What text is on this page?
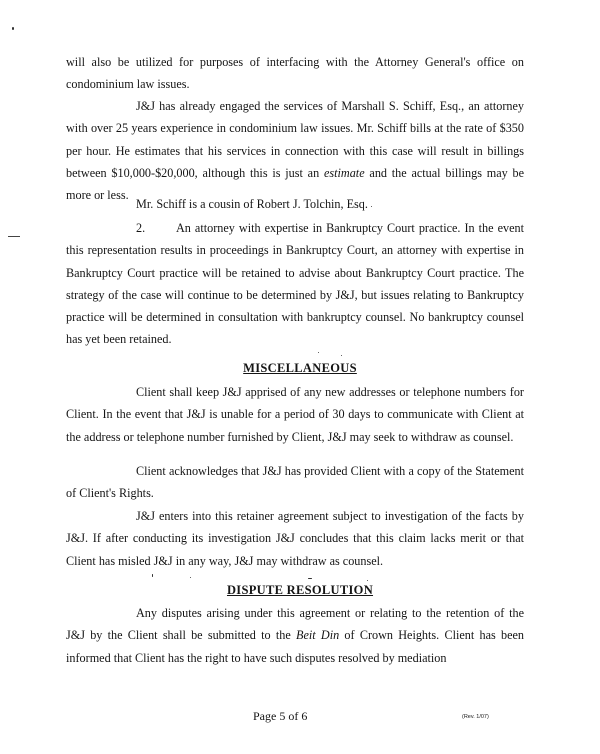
will also be utilized for purposes of interfacing with the Attorney General's office on condominium law issues.

J&J has already engaged the services of Marshall S. Schiff, Esq., an attorney with over 25 years experience in condominium law issues. Mr. Schiff bills at the rate of $350 per hour. He estimates that his services in connection with this case will result in billings between $10,000-$20,000, although this is just an estimate and the actual billings may be more or less.

Mr. Schiff is a cousin of Robert J. Tolchin, Esq.

2.	An attorney with expertise in Bankruptcy Court practice. In the event this representation results in proceedings in Bankruptcy Court, an attorney with expertise in Bankruptcy Court practice will be retained to advise about Bankruptcy Court practice. The strategy of the case will continue to be determined by J&J, but issues relating to Bankruptcy practice will be determined in consultation with bankruptcy counsel. No bankruptcy counsel has yet been retained.

MISCELLANEOUS

Client shall keep J&J apprised of any new addresses or telephone numbers for Client. In the event that J&J is unable for a period of 30 days to communicate with Client at the address or telephone number furnished by Client, J&J may seek to withdraw as counsel.

Client acknowledges that J&J has provided Client with a copy of the Statement of Client's Rights.

J&J enters into this retainer agreement subject to investigation of the facts by J&J. If after conducting its investigation J&J concludes that this claim lacks merit or that Client has misled J&J in any way, J&J may withdraw as counsel.

DISPUTE RESOLUTION

Any disputes arising under this agreement or relating to the retention of the J&J by the Client shall be submitted to the Beit Din of Crown Heights. Client has been informed that Client has the right to have such disputes resolved by mediation

Page 5 of 6	(Rev. 1/07)
